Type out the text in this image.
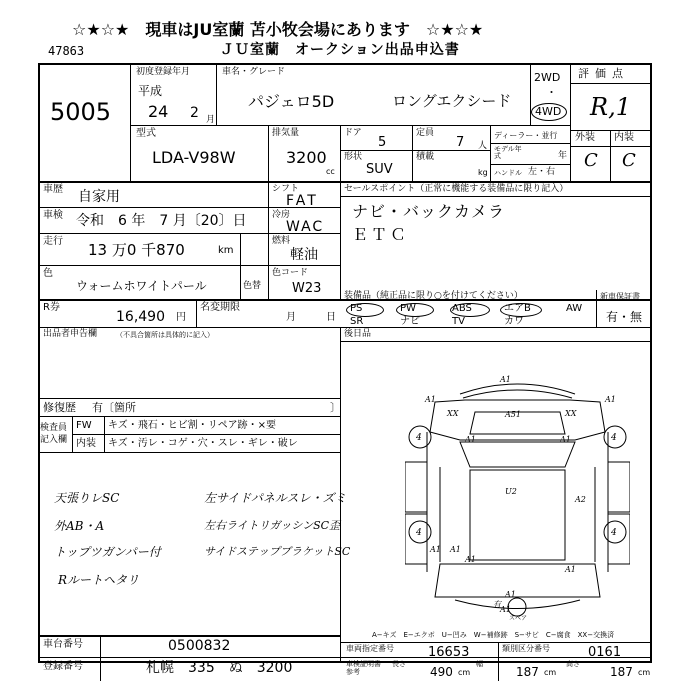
☆★☆★　現車はJU室蘭 苫小牧会場にあります　☆★☆★
47863	ＪＵ室蘭　オークション出品申込書
5005
初度登録年月
平成
24 2 月
車名・グレード
パジェロ5D	ロングエクシード
2WD
・
4WD
評価点
R,1
外装 内装
C C
型式
LDA-V98W
排気量
3200
cc
ドア
5
定員
7 人
形状
SUV
積載
kg
ディーラー・並行
モデル年式	年
ハンドル 左・右
車歴 自家用
車検 令和　6 年　7 月〔20〕日
走行 13 万0 千870	km
色
ウォームホワイトパール	色替
シフト
FAT
冷房
WAC
燃料
軽油
色コード
W23
セールスポイント（正常に機能する装備品に限り記入）
ナビ・バックカメラ
ＥＴＣ
R券
16,490 円
名変期限
月	日
装備品（純正品に限り○を付けてください）	新車保証書
有・無
PS
SR
PW
ナビ
ABS
TV
エアB
カワ
AW
出品者申告欄	（不具合箇所は具体的に記入）	後日品
修復歴 有〔箇所	〕
検査員
記入欄
FW キズ・飛石・ヒビ割・リペア跡・×要
内装 キズ・汚レ・コゲ・穴・スレ・ギレ・破レ
天張りレSC
外AB・A
トップツガンパー付
Rルートヘタリ
左サイドパネルスレ・ズミ
左右ライトリガッシンSC歪
サイドステップブラケットSC
4	4
4	4
スペア
A1
A1
A51
XX	XX
A1
A1	A1
U2
A2
A1 A1
A1
A1
有
A1
A1
A−キズ　E−エクボ　U−凹み　W−補修跡　S−サビ　C−腐食　XX−交換済
車台番号	0500832
登録番号	札幌　335　ぬ　3200
車両指定番号	16653	類別区分番号	0161
車検証明書参考
長さ
490 cm
幅
187 cm
高さ
187 cm
